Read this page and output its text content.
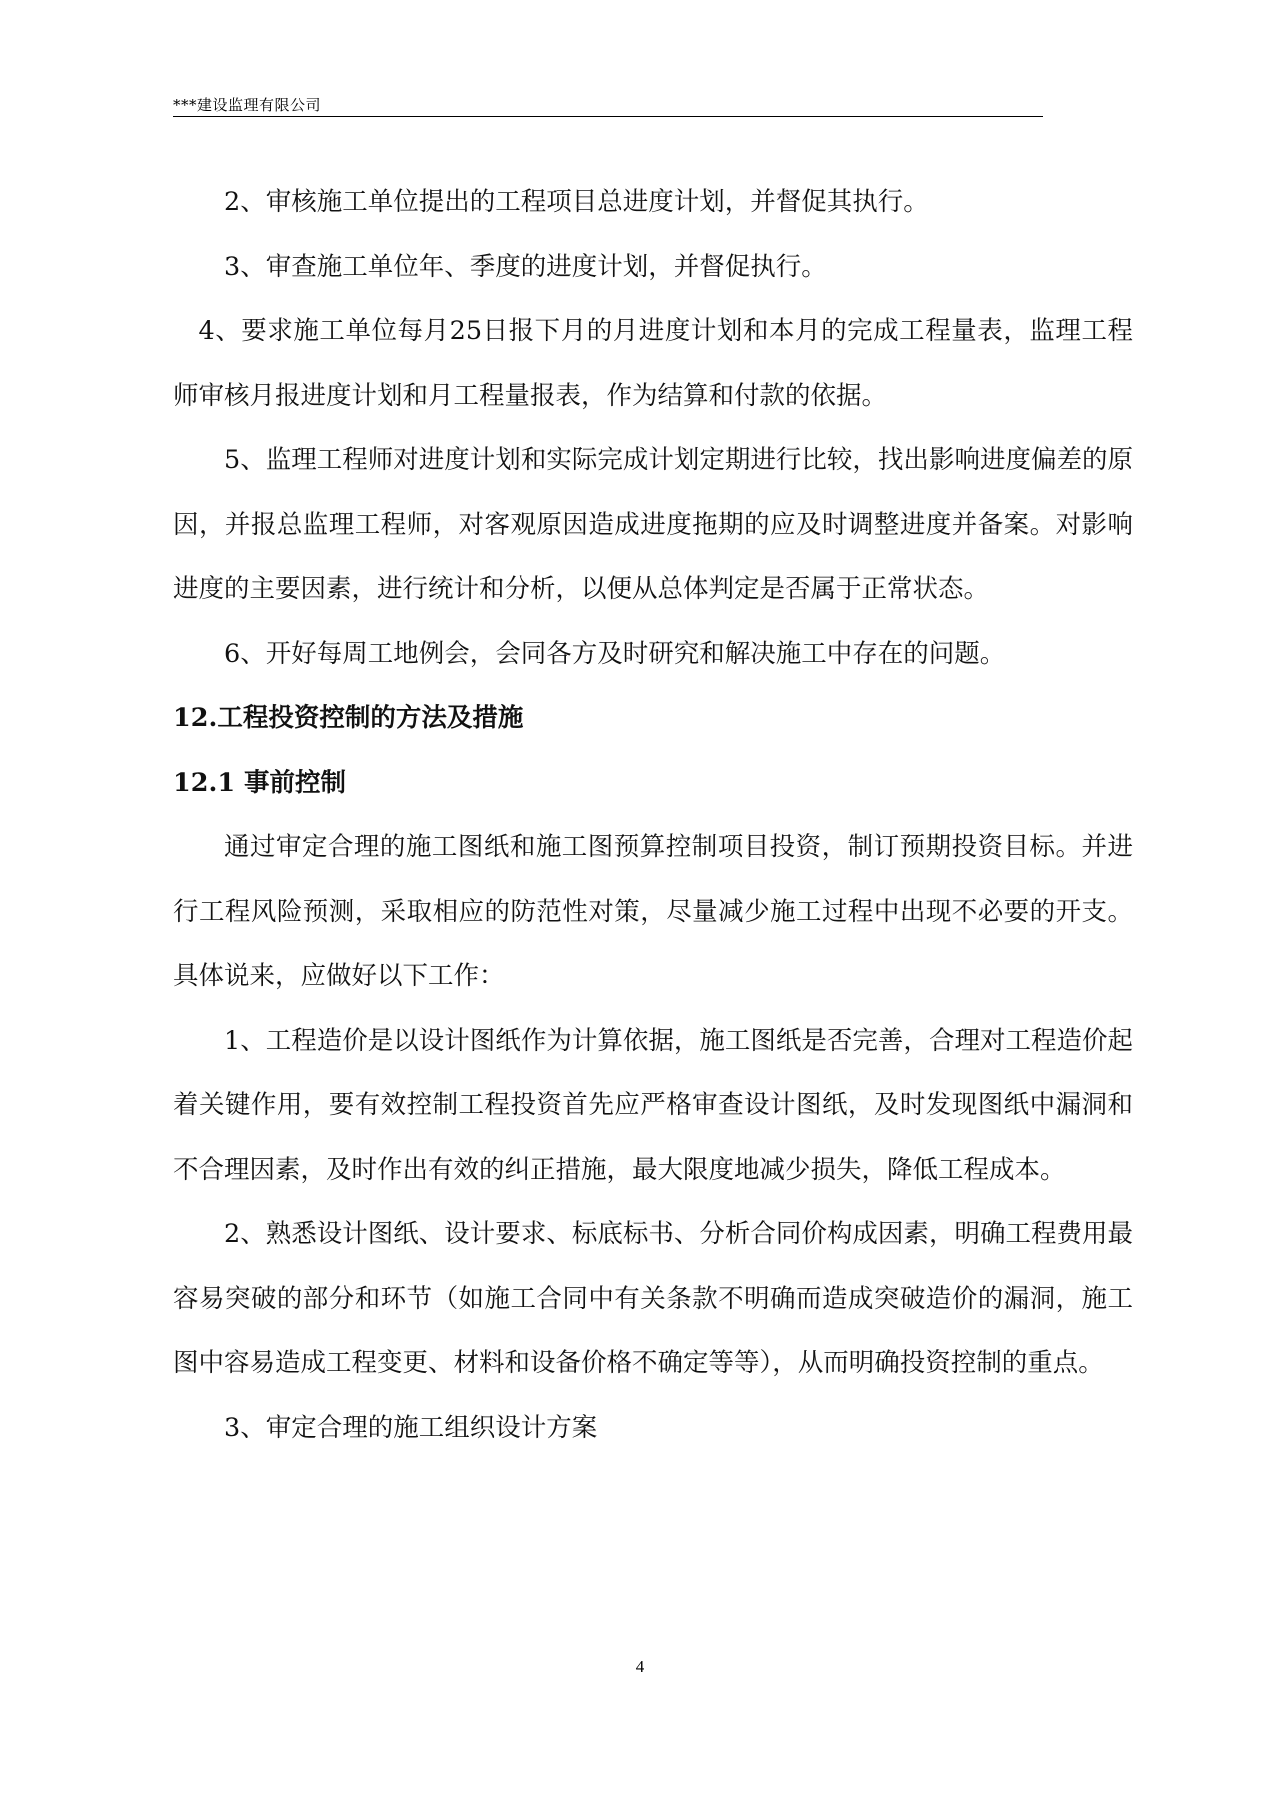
***建设监理有限公司

2、审核施工单位提出的工程项目总进度计划，并督促其执行。

3、审查施工单位年、季度的进度计划，并督促执行。

4、要求施工单位每月25日报下月的月进度计划和本月的完成工程量表，监理工程师审核月报进度计划和月工程量报表，作为结算和付款的依据。

5、监理工程师对进度计划和实际完成计划定期进行比较，找出影响进度偏差的原因，并报总监理工程师，对客观原因造成进度拖期的应及时调整进度并备案。对影响进度的主要因素，进行统计和分析，以便从总体判定是否属于正常状态。

6、开好每周工地例会，会同各方及时研究和解决施工中存在的问题。

12.工程投资控制的方法及措施

12.1 事前控制

通过审定合理的施工图纸和施工图预算控制项目投资，制订预期投资目标。并进行工程风险预测，采取相应的防范性对策，尽量减少施工过程中出现不必要的开支。具体说来，应做好以下工作：

1、工程造价是以设计图纸作为计算依据，施工图纸是否完善，合理对工程造价起着关键作用，要有效控制工程投资首先应严格审查设计图纸，及时发现图纸中漏洞和不合理因素，及时作出有效的纠正措施，最大限度地减少损失，降低工程成本。

2、熟悉设计图纸、设计要求、标底标书、分析合同价构成因素，明确工程费用最容易突破的部分和环节（如施工合同中有关条款不明确而造成突破造价的漏洞，施工图中容易造成工程变更、材料和设备价格不确定等等），从而明确投资控制的重点。

3、审定合理的施工组织设计方案

4
